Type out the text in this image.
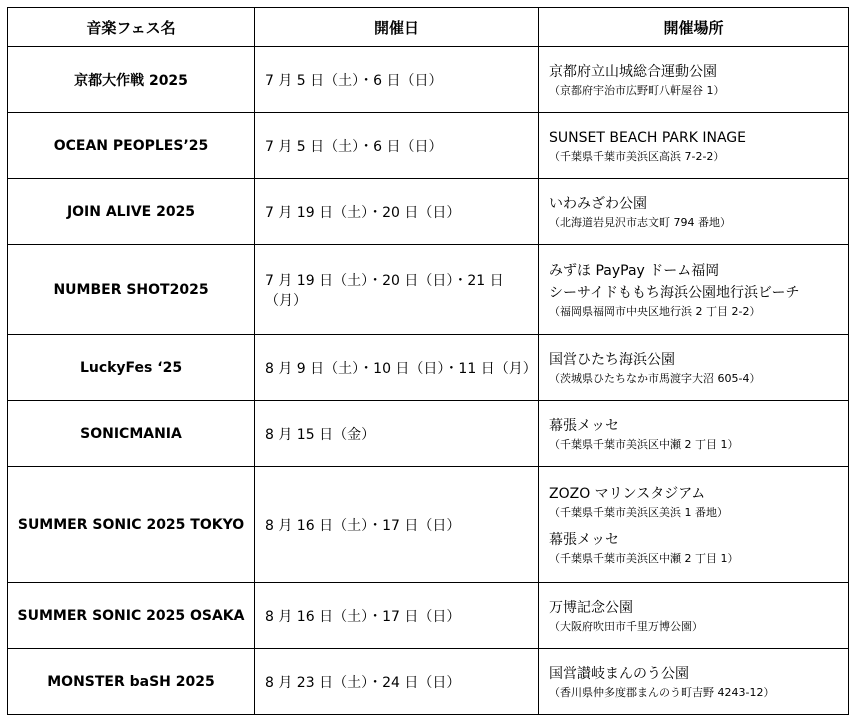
音楽フェス名	開催日	開催場所
京都大作戦 2025	7 月 5 日（土）・6 日（日）	京都府立山城総合運動公園
（京都府宇治市広野町八軒屋谷 1）

OCEAN PEOPLES’25	7 月 5 日（土）・6 日（日）	SUNSET BEACH PARK INAGE
（千葉県千葉市美浜区高浜 7-2-2）

JOIN ALIVE 2025	7 月 19 日（土）・20 日（日）	いわみざわ公園
（北海道岩見沢市志文町 794 番地）

NUMBER SHOT2025	7 月 19 日（土）・20 日（日）・21 日（月）	みずほ PayPay ドーム福岡
シーサイドももち海浜公園地行浜ビーチ
（福岡県福岡市中央区地行浜 2 丁目 2-2）

LuckyFes ‘25	8 月 9 日（土）・10 日（日）・11 日（月）	国営ひたち海浜公園
（茨城県ひたちなか市馬渡字大沼 605-4）

SONICMANIA	8 月 15 日（金）	幕張メッセ
（千葉県千葉市美浜区中瀬 2 丁目 1）

SUMMER SONIC 2025 TOKYO	8 月 16 日（土）・17 日（日）	ZOZO マリンスタジアム
（千葉県千葉市美浜区美浜 1 番地）
幕張メッセ
（千葉県千葉市美浜区中瀬 2 丁目 1）

SUMMER SONIC 2025 OSAKA	8 月 16 日（土）・17 日（日）	万博記念公園
（大阪府吹田市千里万博公園）

MONSTER baSH 2025	8 月 23 日（土）・24 日（日）	国営讃岐まんのう公園
（香川県仲多度郡まんのう町吉野 4243-12）
